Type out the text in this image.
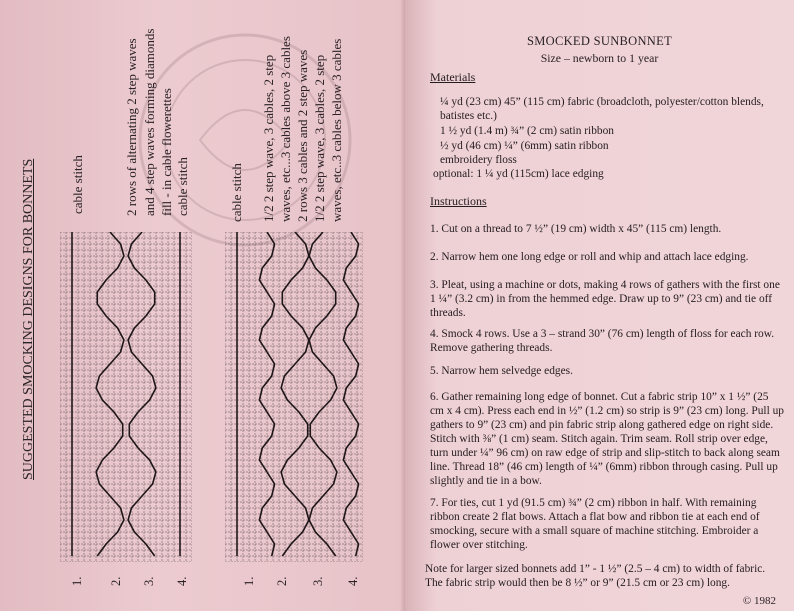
SUGGESTED SMOCKING DESIGNS FOR BONNETS	cable stitch	2 rows of alternating 2 step waves and 4 step waves forming diamonds fill - in cable flowerettes cable stitch	cable stitch 1/2 2 step wave, 3 cables, 2 step waves, etc...3 cables above 3 cables 2 rows 3 cables and 2 step waves 1/2 2 step wave, 3 cables, 2 step waves, etc..3 cables below 3 cables
1. 2. 3. 4.	1. 2. 3. 4.
SMOCKED SUNBONNET
Size – newborn to 1 year
Materials
¼ yd (23 cm) 45” (115 cm) fabric (broadcloth, polyester/cotton blends,
batistes etc.)
1 ½ yd (1.4 m) ¾” (2 cm) satin ribbon
½ yd (46 cm) ¼” (6mm) satin ribbon
embroidery floss
optional: 1 ¼ yd (115cm) lace edging
Instructions
1. Cut on a thread to 7 ½” (19 cm) width x 45” (115 cm) length.
2. Narrow hem one long edge or roll and whip and attach lace edging.
3. Pleat, using a machine or dots, making 4 rows of gathers with the first one
1 ¼” (3.2 cm) in from the hemmed edge. Draw up to 9” (23 cm) and tie off
threads.
4. Smock 4 rows. Use a 3 – strand 30” (76 cm) length of floss for each row.
Remove gathering threads.
5. Narrow hem selvedge edges.
6. Gather remaining long edge of bonnet. Cut a fabric strip 10” x 1 ½” (25
cm x 4 cm). Press each end in ½” (1.2 cm) so strip is 9” (23 cm) long. Pull up
gathers to 9” (23 cm) and pin fabric strip along gathered edge on right side.
Stitch with ⅜” (1 cm) seam. Stitch again. Trim seam. Roll strip over edge,
turn under ¼” 96 cm) on raw edge of strip and slip-stitch to back along seam
line. Thread 18” (46 cm) length of ¼” (6mm) ribbon through casing. Pull up
slightly and tie in a bow.
7. For ties, cut 1 yd (91.5 cm) ¾” (2 cm) ribbon in half. With remaining
ribbon create 2 flat bows. Attach a flat bow and ribbon tie at each end of
smocking, secure with a small square of machine stitching. Embroider a
flower over stitching.
Note for larger sized bonnets add 1” - 1 ½” (2.5 – 4 cm) to width of fabric.
The fabric strip would then be 8 ½” or 9” (21.5 cm or 23 cm) long.
© 1982
